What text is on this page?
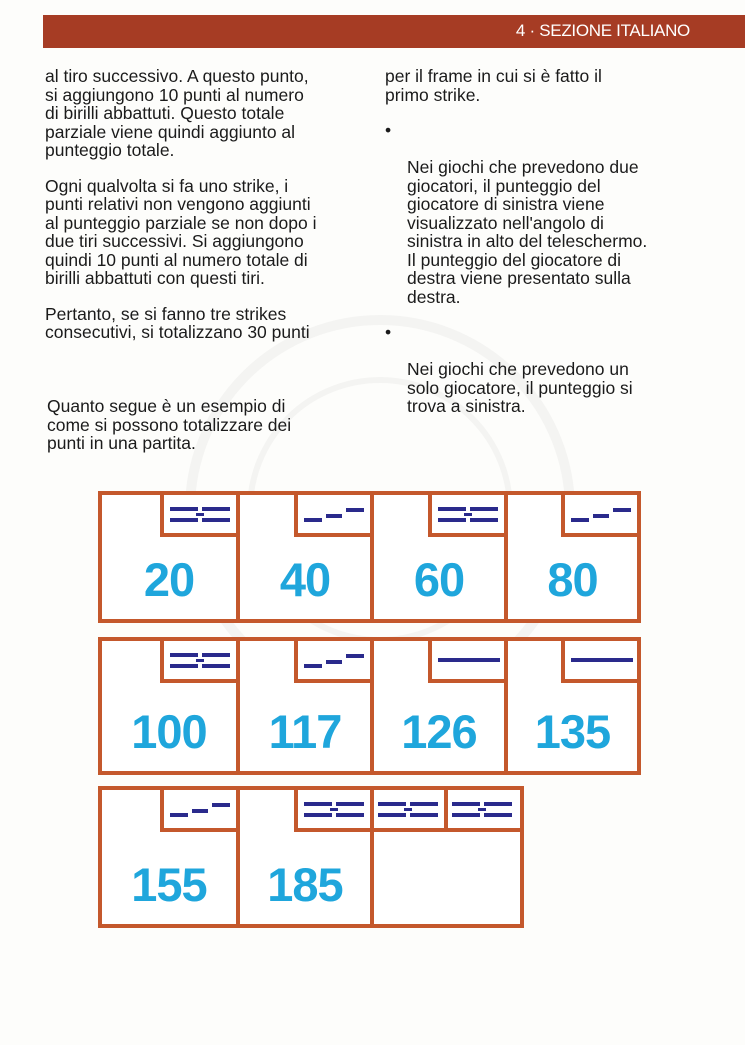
4 · SEZIONE ITALIANO

al tiro successivo. A questo punto,
si aggiungono 10 punti al numero
di birilli abbattuti. Questo totale
parziale viene quindi aggiunto al
punteggio totale.

Ogni qualvolta si fa uno strike, i
punti relativi non vengono aggiunti
al punteggio parziale se non dopo i
due tiri successivi. Si aggiungono
quindi 10 punti al numero totale di
birilli abbattuti con questi tiri.

Pertanto, se si fanno tre strikes
consecutivi, si totalizzano 30 punti

per il frame in cui si è fatto il
primo strike.

•

Nei giochi che prevedono due
giocatori, il punteggio del
giocatore di sinistra viene
visualizzato nell'angolo di
sinistra in alto del teleschermo.
Il punteggio del giocatore di
destra viene presentato sulla
destra.

•

Nei giochi che prevedono un
solo giocatore, il punteggio si
trova a sinistra.

Quanto segue è un esempio di
come si possono totalizzare dei
punti in una partita.
20	40	60	80
100	117	126	135
155	185
